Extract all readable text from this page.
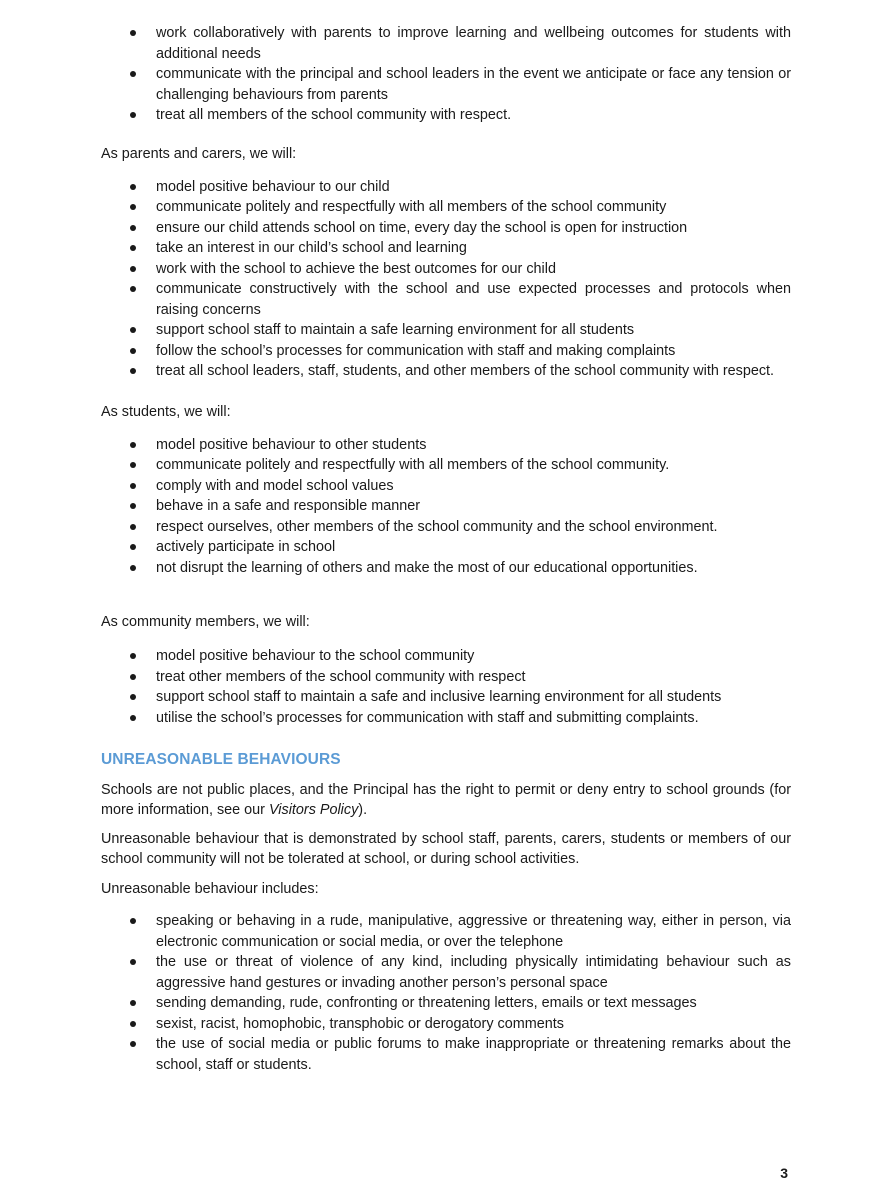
work collaboratively with parents to improve learning and wellbeing outcomes for students with additional needs
communicate with the principal and school leaders in the event we anticipate or face any tension or challenging behaviours from parents
treat all members of the school community with respect.

As parents and carers, we will:

model positive behaviour to our child
communicate politely and respectfully with all members of the school community
ensure our child attends school on time, every day the school is open for instruction
take an interest in our child’s school and learning
work with the school to achieve the best outcomes for our child
communicate constructively with the school and use expected processes and protocols when raising concerns
support school staff to maintain a safe learning environment for all students
follow the school’s processes for communication with staff and making complaints
treat all school leaders, staff, students, and other members of the school community with respect.

As students, we will:

model positive behaviour to other students
communicate politely and respectfully with all members of the school community.
comply with and model school values
behave in a safe and responsible manner
respect ourselves, other members of the school community and the school environment.
actively participate in school
not disrupt the learning of others and make the most of our educational opportunities.

As community members, we will:

model positive behaviour to the school community
treat other members of the school community with respect
support school staff to maintain a safe and inclusive learning environment for all students
utilise the school’s processes for communication with staff and submitting complaints.
UNREASONABLE BEHAVIOURS

Schools are not public places, and the Principal has the right to permit or deny entry to school grounds (for more information, see our Visitors Policy).

Unreasonable behaviour that is demonstrated by school staff, parents, carers, students or members of our school community will not be tolerated at school, or during school activities.

Unreasonable behaviour includes:

speaking or behaving in a rude, manipulative, aggressive or threatening way, either in person, via electronic communication or social media, or over the telephone
the use or threat of violence of any kind, including physically intimidating behaviour such as aggressive hand gestures or invading another person’s personal space
sending demanding, rude, confronting or threatening letters, emails or text messages
sexist, racist, homophobic, transphobic or derogatory comments
the use of social media or public forums to make inappropriate or threatening remarks about the school, staff or students.
3
